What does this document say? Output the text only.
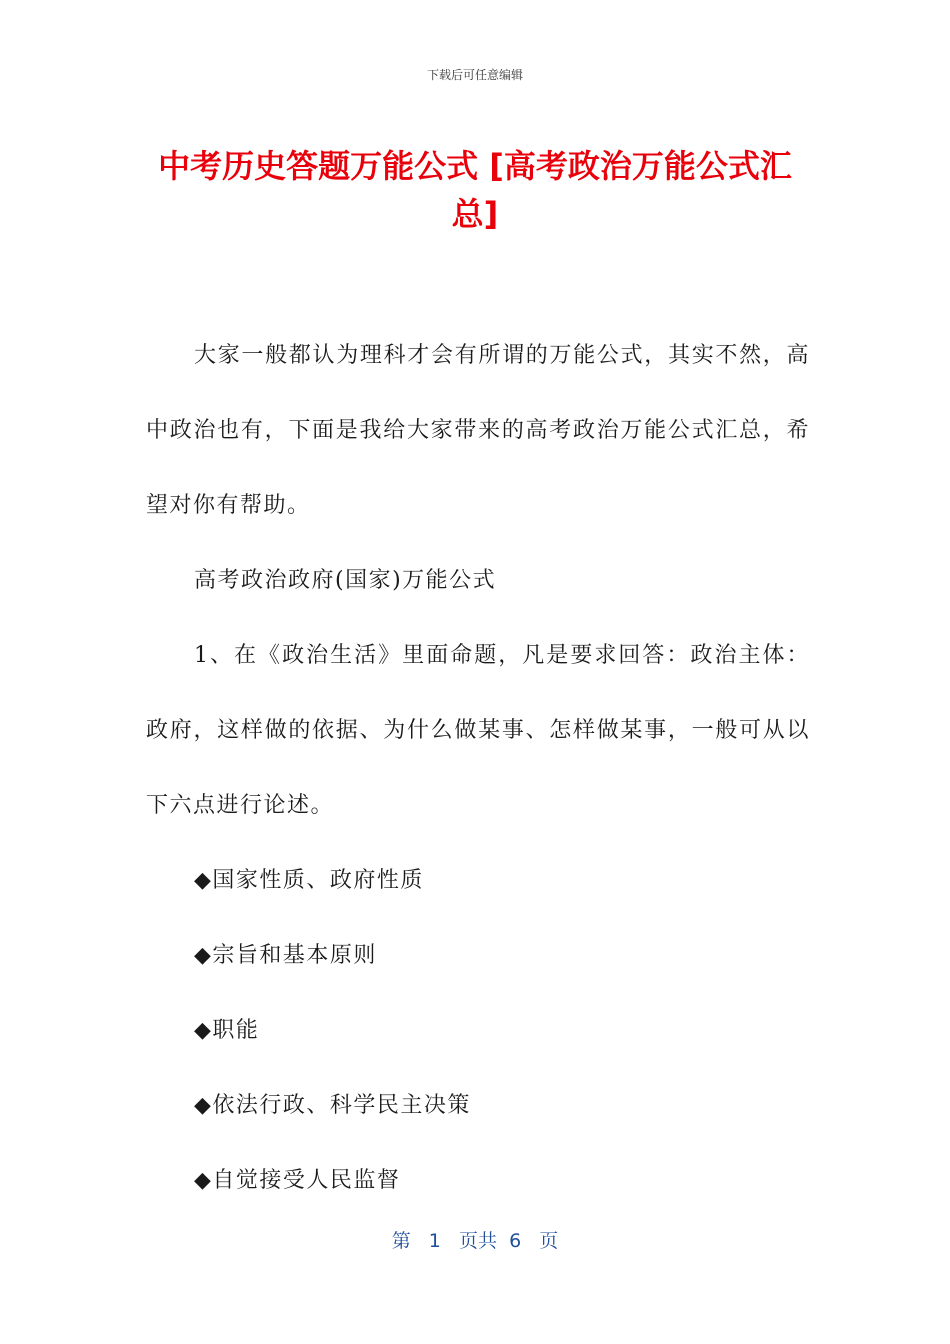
下载后可任意编辑
中考历史答题万能公式 [高考政治万能公式汇总]

大家一般都认为理科才会有所谓的万能公式，其实不然，高中政治也有，下面是我给大家带来的高考政治万能公式汇总，希望对你有帮助。

高考政治政府(国家)万能公式

1、在《政治生活》里面命题，凡是要求回答：政治主体：政府，这样做的依据、为什么做某事、怎样做某事，一般可从以下六点进行论述。

◆国家性质、政府性质

◆宗旨和基本原则

◆职能

◆依法行政、科学民主决策

◆自觉接受人民监督

第   1   页共  6   页
